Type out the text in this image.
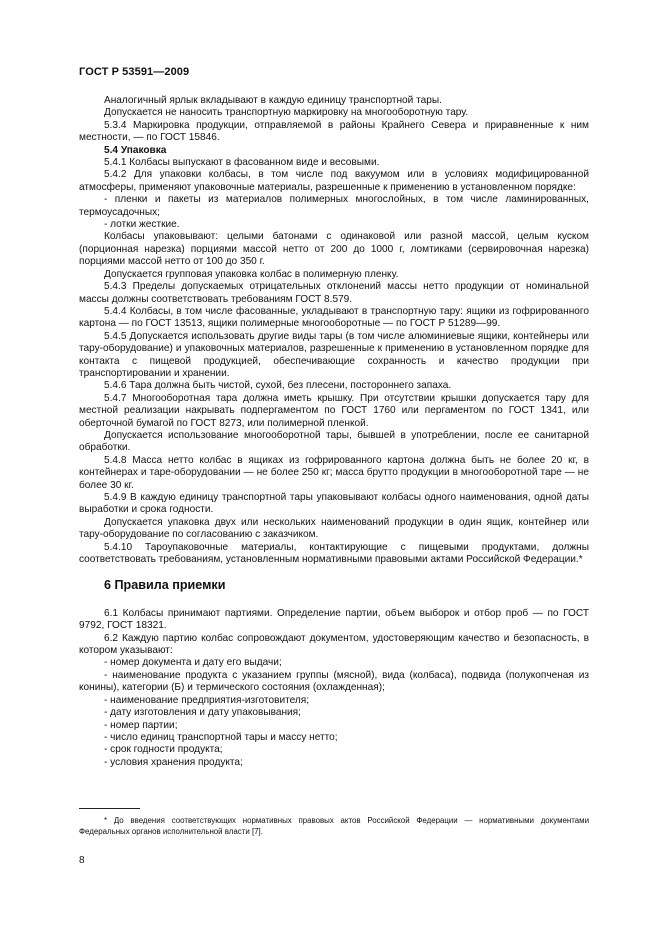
ГОСТ Р 53591—2009

Аналогичный ярлык вкладывают в каждую единицу транспортной тары.

Допускается не наносить транспортную маркировку на многооборотную тару.

5.3.4 Маркировка продукции, отправляемой в районы Крайнего Севера и приравненные к ним местности, — по ГОСТ 15846.

5.4 Упаковка

5.4.1 Колбасы выпускают в фасованном виде и весовыми.

5.4.2 Для упаковки колбасы, в том числе под вакуумом или в условиях модифицированной атмосферы, применяют упаковочные материалы, разрешенные к применению в установленном порядке:

- пленки и пакеты из материалов полимерных многослойных, в том числе ламинированных, термоусадочных;

- лотки жесткие.

Колбасы упаковывают: целыми батонами с одинаковой или разной массой, целым куском (порционная нарезка) порциями массой нетто от 200 до 1000 г, ломтиками (сервировочная нарезка) порциями массой нетто от 100 до 350 г.

Допускается групповая упаковка колбас в полимерную пленку.

5.4.3 Пределы допускаемых отрицательных отклонений массы нетто продукции от номинальной массы должны соответствовать требованиям ГОСТ 8.579.

5.4.4 Колбасы, в том числе фасованные, укладывают в транспортную тару: ящики из гофрированного картона — по ГОСТ 13513, ящики полимерные многооборотные — по ГОСТ Р 51289—99.

5.4.5 Допускается использовать другие виды тары (в том числе алюминиевые ящики, контейнеры или тару-оборудование) и упаковочных материалов, разрешенные к применению в установленном порядке для контакта с пищевой продукцией, обеспечивающие сохранность и качество продукции при транспортировании и хранении.

5.4.6 Тара должна быть чистой, сухой, без плесени, постороннего запаха.

5.4.7 Многооборотная тара должна иметь крышку. При отсутствии крышки допускается тару для местной реализации накрывать подпергаментом по ГОСТ 1760 или пергаментом по ГОСТ 1341, или оберточной бумагой по ГОСТ 8273, или полимерной пленкой.

Допускается использование многооборотной тары, бывшей в употреблении, после ее санитарной обработки.

5.4.8 Масса нетто колбас в ящиках из гофрированного картона должна быть не более 20 кг, в контейнерах и таре-оборудовании — не более 250 кг; масса брутто продукции в многооборотной таре — не более 30 кг.

5.4.9 В каждую единицу транспортной тары упаковывают колбасы одного наименования, одной даты выработки и срока годности.

Допускается упаковка двух или нескольких наименований продукции в один ящик, контейнер или тару-оборудование по согласованию с заказчиком.

5.4.10 Тароупаковочные материалы, контактирующие с пищевыми продуктами, должны соответствовать требованиям, установленным нормативными правовыми актами Российской Федерации.*

6 Правила приемки

6.1 Колбасы принимают партиями. Определение партии, объем выборок и отбор проб — по ГОСТ 9792, ГОСТ 18321.

6.2 Каждую партию колбас сопровождают документом, удостоверяющим качество и безопасность, в котором указывают:

- номер документа и дату его выдачи;

- наименование продукта с указанием группы (мясной), вида (колбаса), подвида (полукопченая из конины), категории (Б) и термического состояния (охлажденная);

- наименование предприятия-изготовителя;

- дату изготовления и дату упаковывания;

- номер партии;

- число единиц транспортной тары и массу нетто;

- срок годности продукта;

- условия хранения продукта;

* До введения соответствующих нормативных правовых актов Российской Федерации — нормативными документами Федеральных органов исполнительной власти [7].

8
